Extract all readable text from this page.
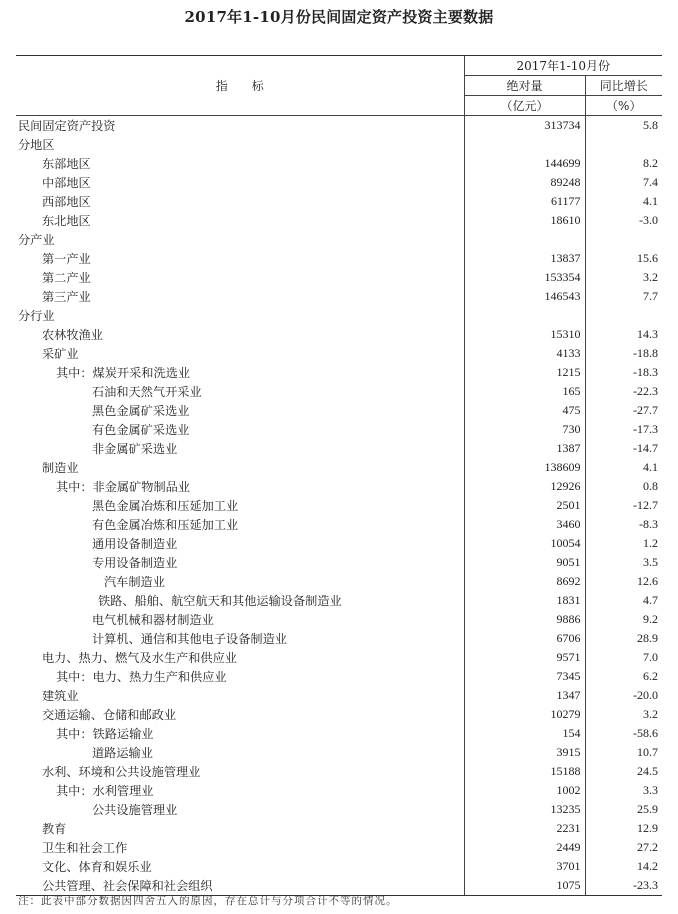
2017年1-10月份民间固定资产投资主要数据
指　　标	2017年1-10月份	
	绝对量	同比增长
	（亿元）	（%）
民间固定资产投资	313734	5.8
分地区		
东部地区	144699	8.2
中部地区	89248	7.4
西部地区	61177	4.1
东北地区	18610	-3.0
分产业		
第一产业	13837	15.6
第二产业	153354	3.2
第三产业	146543	7.7
分行业		
农林牧渔业	15310	14.3
采矿业	4133	-18.8
其中：煤炭开采和洗选业	1215	-18.3
石油和天然气开采业	165	-22.3
黑色金属矿采选业	475	-27.7
有色金属矿采选业	730	-17.3
非金属矿采选业	1387	-14.7
制造业	138609	4.1
其中：非金属矿物制品业	12926	0.8
黑色金属冶炼和压延加工业	2501	-12.7
有色金属冶炼和压延加工业	3460	-8.3
通用设备制造业	10054	1.2
专用设备制造业	9051	3.5
汽车制造业	8692	12.6
铁路、船舶、航空航天和其他运输设备制造业	1831	4.7
电气机械和器材制造业	9886	9.2
计算机、通信和其他电子设备制造业	6706	28.9
电力、热力、燃气及水生产和供应业	9571	7.0
其中：电力、热力生产和供应业	7345	6.2
建筑业	1347	-20.0
交通运输、仓储和邮政业	10279	3.2
其中：铁路运输业	154	-58.6
道路运输业	3915	10.7
水利、环境和公共设施管理业	15188	24.5
其中：水利管理业	1002	3.3
公共设施管理业	13235	25.9
教育	2231	12.9
卫生和社会工作	2449	27.2
文化、体育和娱乐业	3701	14.2
公共管理、社会保障和社会组织	1075	-23.3
注：此表中部分数据因四舍五入的原因，存在总计与分项合计不等的情况。
